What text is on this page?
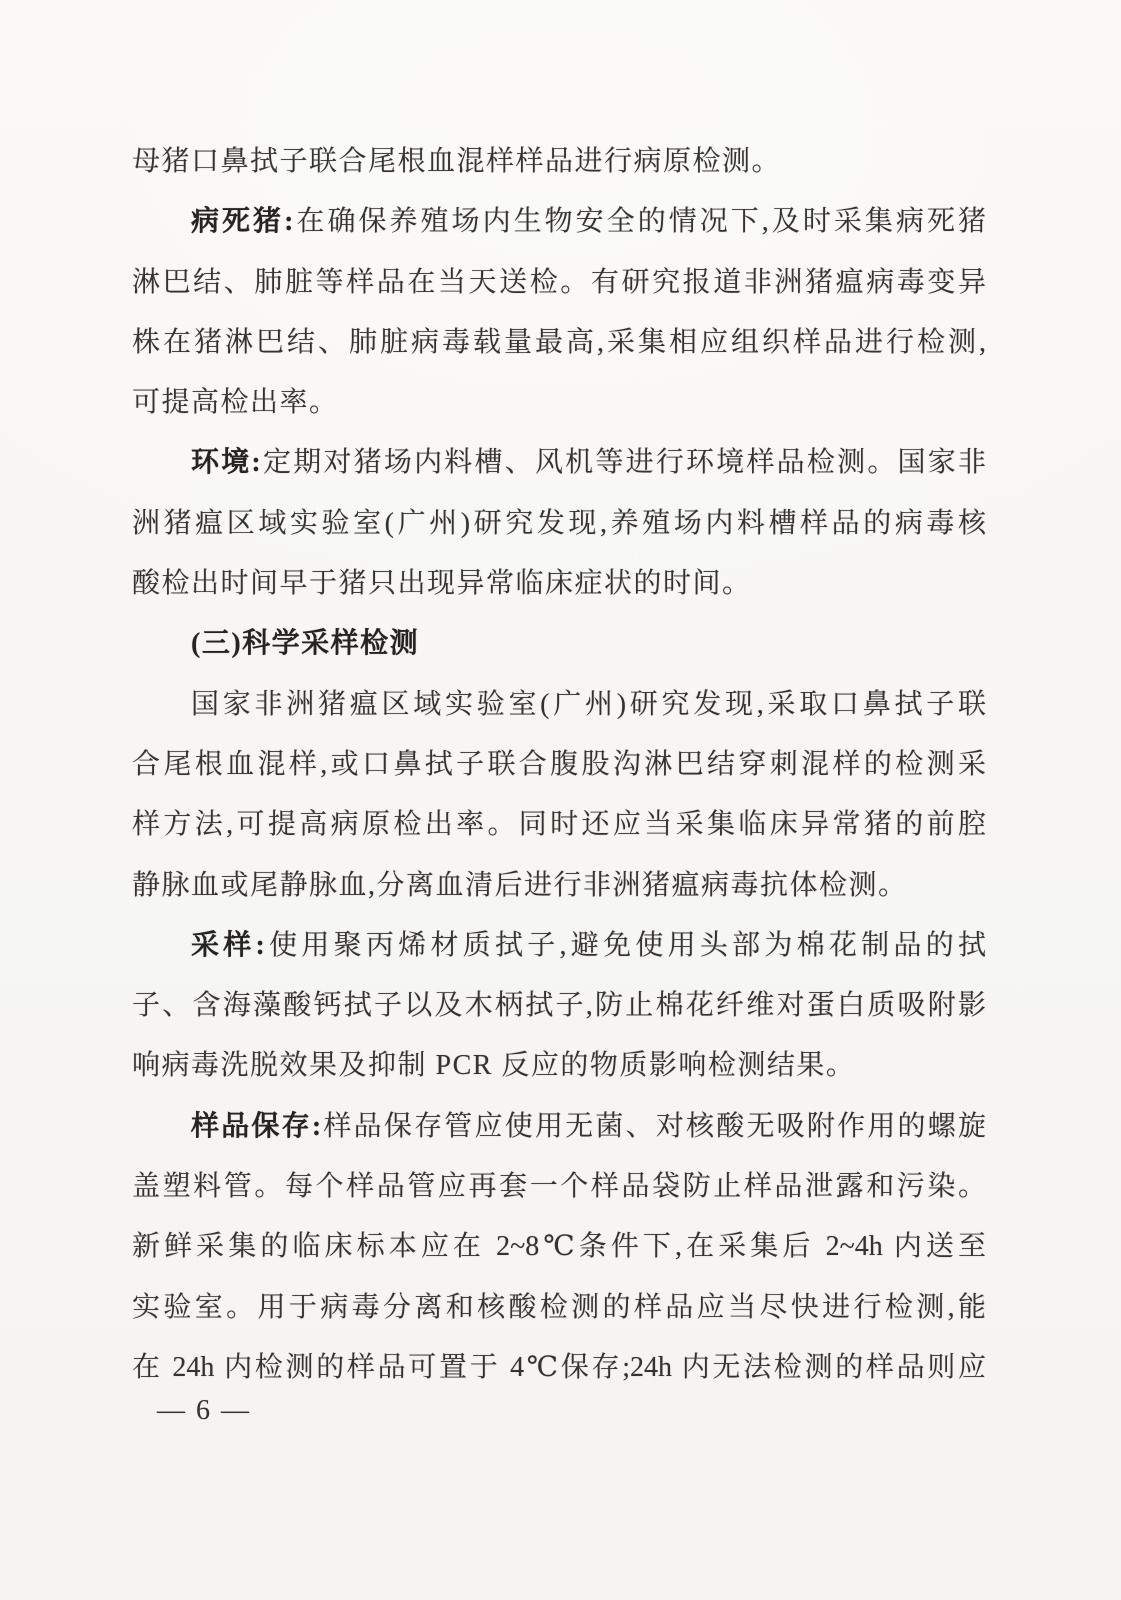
母猪口鼻拭子联合尾根血混样样品进行病原检测。
病死猪:在确保养殖场内生物安全的情况下,及时采集病死猪
淋巴结、肺脏等样品在当天送检。有研究报道非洲猪瘟病毒变异
株在猪淋巴结、肺脏病毒载量最高,采集相应组织样品进行检测,
可提高检出率。
环境:定期对猪场内料槽、风机等进行环境样品检测。国家非
洲猪瘟区域实验室(广州)研究发现,养殖场内料槽样品的病毒核
酸检出时间早于猪只出现异常临床症状的时间。
(三)科学采样检测
国家非洲猪瘟区域实验室(广州)研究发现,采取口鼻拭子联
合尾根血混样,或口鼻拭子联合腹股沟淋巴结穿刺混样的检测采
样方法,可提高病原检出率。同时还应当采集临床异常猪的前腔
静脉血或尾静脉血,分离血清后进行非洲猪瘟病毒抗体检测。
采样:使用聚丙烯材质拭子,避免使用头部为棉花制品的拭
子、含海藻酸钙拭子以及木柄拭子,防止棉花纤维对蛋白质吸附影
响病毒洗脱效果及抑制 PCR 反应的物质影响检测结果。
样品保存:样品保存管应使用无菌、对核酸无吸附作用的螺旋
盖塑料管。每个样品管应再套一个样品袋防止样品泄露和污染。
新鲜采集的临床标本应在 2~8℃条件下,在采集后 2~4h 内送至
实验室。用于病毒分离和核酸检测的样品应当尽快进行检测,能
在 24h 内检测的样品可置于 4℃保存;24h 内无法检测的样品则应
— 6 —
